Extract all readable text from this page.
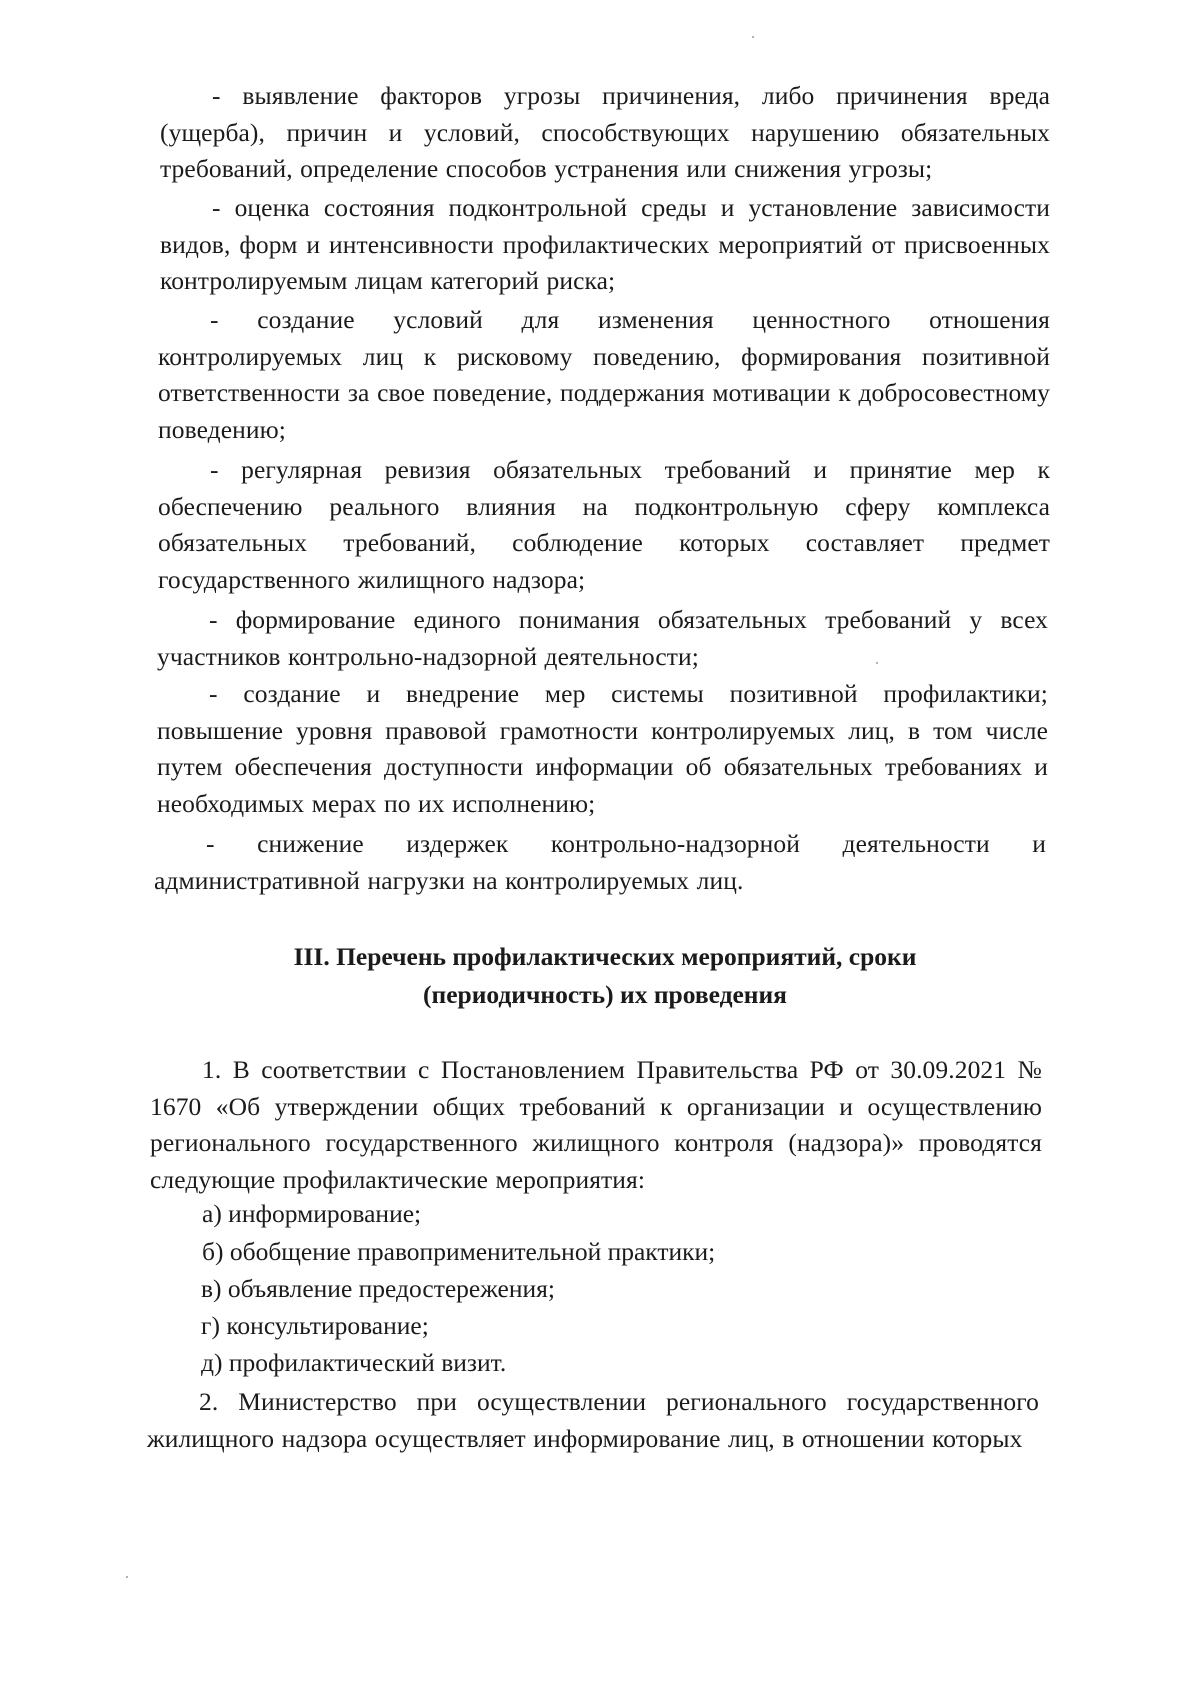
- выявление факторов угрозы причинения, либо причинения вреда (ущерба), причин и условий, способствующих нарушению обязательных требований, определение способов устранения или снижения угрозы;

- оценка состояния подконтрольной среды и установление зависимости видов, форм и интенсивности профилактических мероприятий от присвоенных контролируемым лицам категорий риска;

- создание условий для изменения ценностного отношения контролируемых лиц к рисковому поведению, формирования позитивной ответственности за свое поведение, поддержания мотивации к добросовестному поведению;

- регулярная ревизия обязательных требований и принятие мер к обеспечению реального влияния на подконтрольную сферу комплекса обязательных требований, соблюдение которых составляет предмет государственного жилищного надзора;

- формирование единого понимания обязательных требований у всех участников контрольно-надзорной деятельности;

- создание и внедрение мер системы позитивной профилактики; повышение уровня правовой грамотности контролируемых лиц, в том числе путем обеспечения доступности информации об обязательных требованиях и необходимых мерах по их исполнению;

- снижение издержек контрольно-надзорной деятельности и административной нагрузки на контролируемых лиц.

III. Перечень профилактических мероприятий, сроки

(периодичность) их проведения

1. В соответствии с Постановлением Правительства РФ от 30.09.2021 № 1670 «Об утверждении общих требований к организации и осуществлению регионального государственного жилищного контроля (надзора)» проводятся следующие профилактические мероприятия:

а) информирование;

б) обобщение правоприменительной практики;

в) объявление предостережения;

г) консультирование;

д) профилактический визит.

2. Министерство при осуществлении регионального государственного жилищного надзора осуществляет информирование лиц, в отношении которых
